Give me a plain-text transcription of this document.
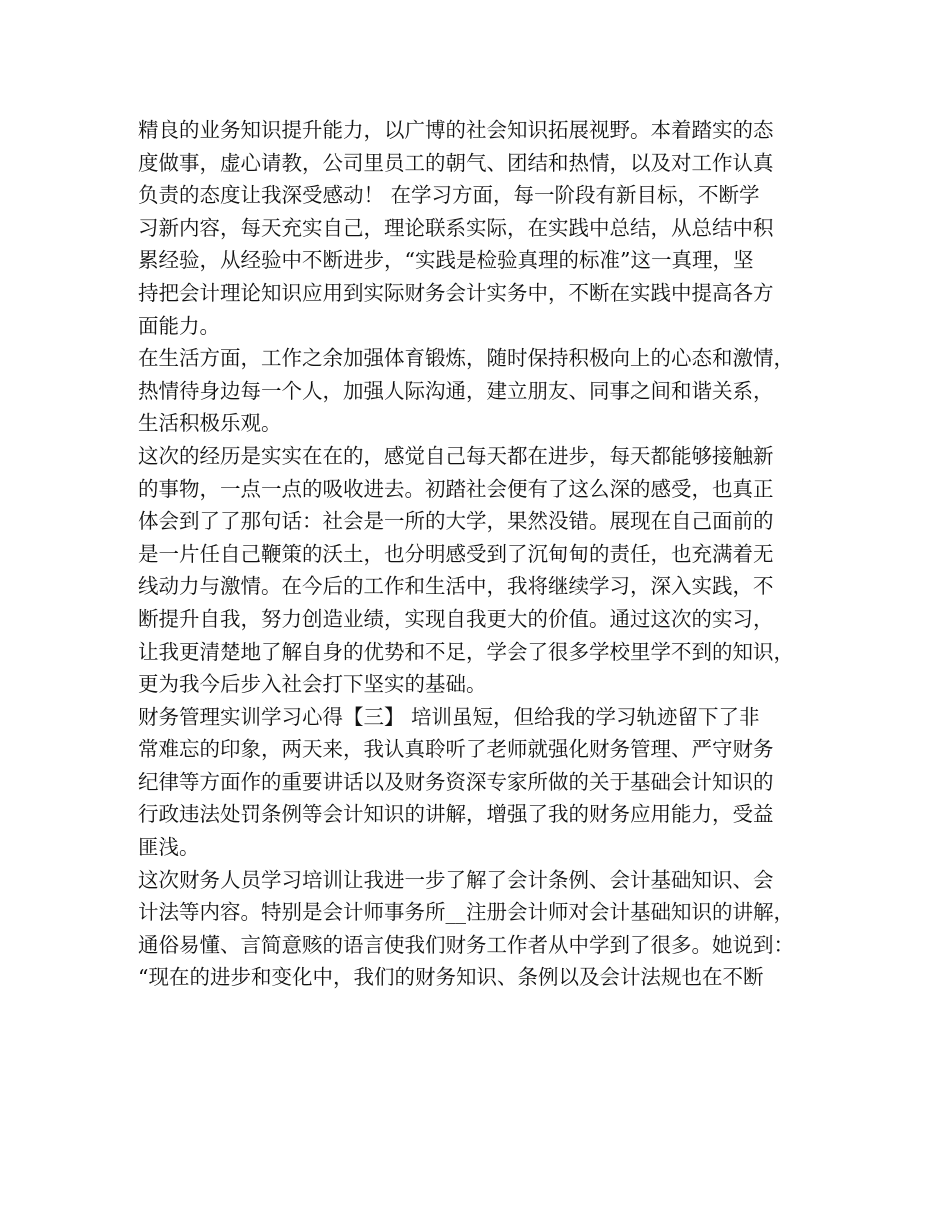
精良的业务知识提升能力，以广博的社会知识拓展视野。本着踏实的态
度做事，虚心请教，公司里员工的朝气、团结和热情，以及对工作认真
负责的态度让我深受感动！ 在学习方面，每一阶段有新目标，不断学
习新内容，每天充实自己，理论联系实际，在实践中总结，从总结中积
累经验，从经验中不断进步，“实践是检验真理的标准”这一真理，坚
持把会计理论知识应用到实际财务会计实务中，不断在实践中提高各方
面能力。
在生活方面，工作之余加强体育锻炼，随时保持积极向上的心态和激情，
热情待身边每一个人，加强人际沟通，建立朋友、同事之间和谐关系，
生活积极乐观。
这次的经历是实实在在的，感觉自己每天都在进步，每天都能够接触新
的事物，一点一点的吸收进去。初踏社会便有了这么深的感受，也真正
体会到了了那句话：社会是一所的大学，果然没错。展现在自己面前的
是一片任自己鞭策的沃土，也分明感受到了沉甸甸的责任，也充满着无
线动力与激情。在今后的工作和生活中，我将继续学习，深入实践，不
断提升自我，努力创造业绩，实现自我更大的价值。通过这次的实习，
让我更清楚地了解自身的优势和不足，学会了很多学校里学不到的知识，
更为我今后步入社会打下坚实的基础。
财务管理实训学习心得【三】 培训虽短，但给我的学习轨迹留下了非
常难忘的印象，两天来，我认真聆听了老师就强化财务管理、严守财务
纪律等方面作的重要讲话以及财务资深专家所做的关于基础会计知识的
行政违法处罚条例等会计知识的讲解，增强了我的财务应用能力，受益
匪浅。
这次财务人员学习培训让我进一步了解了会计条例、会计基础知识、会
计法等内容。特别是会计师事务所__注册会计师对会计基础知识的讲解，
通俗易懂、言简意赅的语言使我们财务工作者从中学到了很多。她说到：
“现在的进步和变化中，我们的财务知识、条例以及会计法规也在不断
